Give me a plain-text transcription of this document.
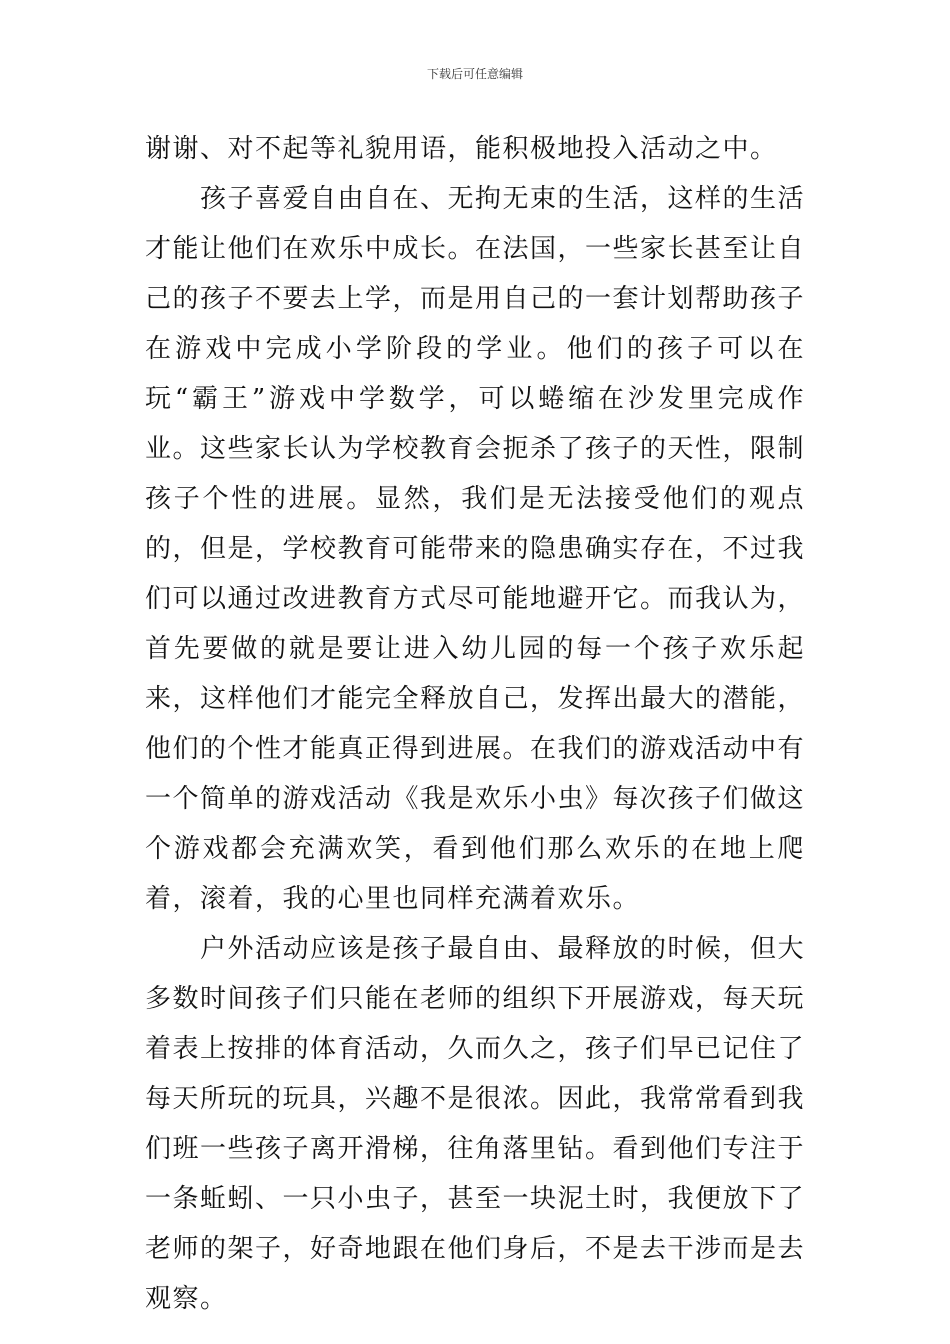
下载后可任意编辑

谢谢、对不起等礼貌用语，能积极地投入活动之中。

孩子喜爱自由自在、无拘无束的生活，这样的生活才能让他们在欢乐中成长。在法国，一些家长甚至让自己的孩子不要去上学，而是用自己的一套计划帮助孩子在游戏中完成小学阶段的学业。他们的孩子可以在玩“霸王”游戏中学数学，可以蜷缩在沙发里完成作业。这些家长认为学校教育会扼杀了孩子的天性，限制孩子个性的进展。显然，我们是无法接受他们的观点的，但是，学校教育可能带来的隐患确实存在，不过我们可以通过改进教育方式尽可能地避开它。而我认为，首先要做的就是要让进入幼儿园的每一个孩子欢乐起来，这样他们才能完全释放自己，发挥出最大的潜能，他们的个性才能真正得到进展。在我们的游戏活动中有一个简单的游戏活动《我是欢乐小虫》每次孩子们做这个游戏都会充满欢笑，看到他们那么欢乐的在地上爬着，滚着，我的心里也同样充满着欢乐。

户外活动应该是孩子最自由、最释放的时候，但大多数时间孩子们只能在老师的组织下开展游戏，每天玩着表上按排的体育活动，久而久之，孩子们早已记住了每天所玩的玩具，兴趣不是很浓。因此，我常常看到我们班一些孩子离开滑梯，往角落里钻。看到他们专注于一条蚯蚓、一只小虫子，甚至一块泥土时，我便放下了老师的架子，好奇地跟在他们身后，不是去干涉而是去观察。
